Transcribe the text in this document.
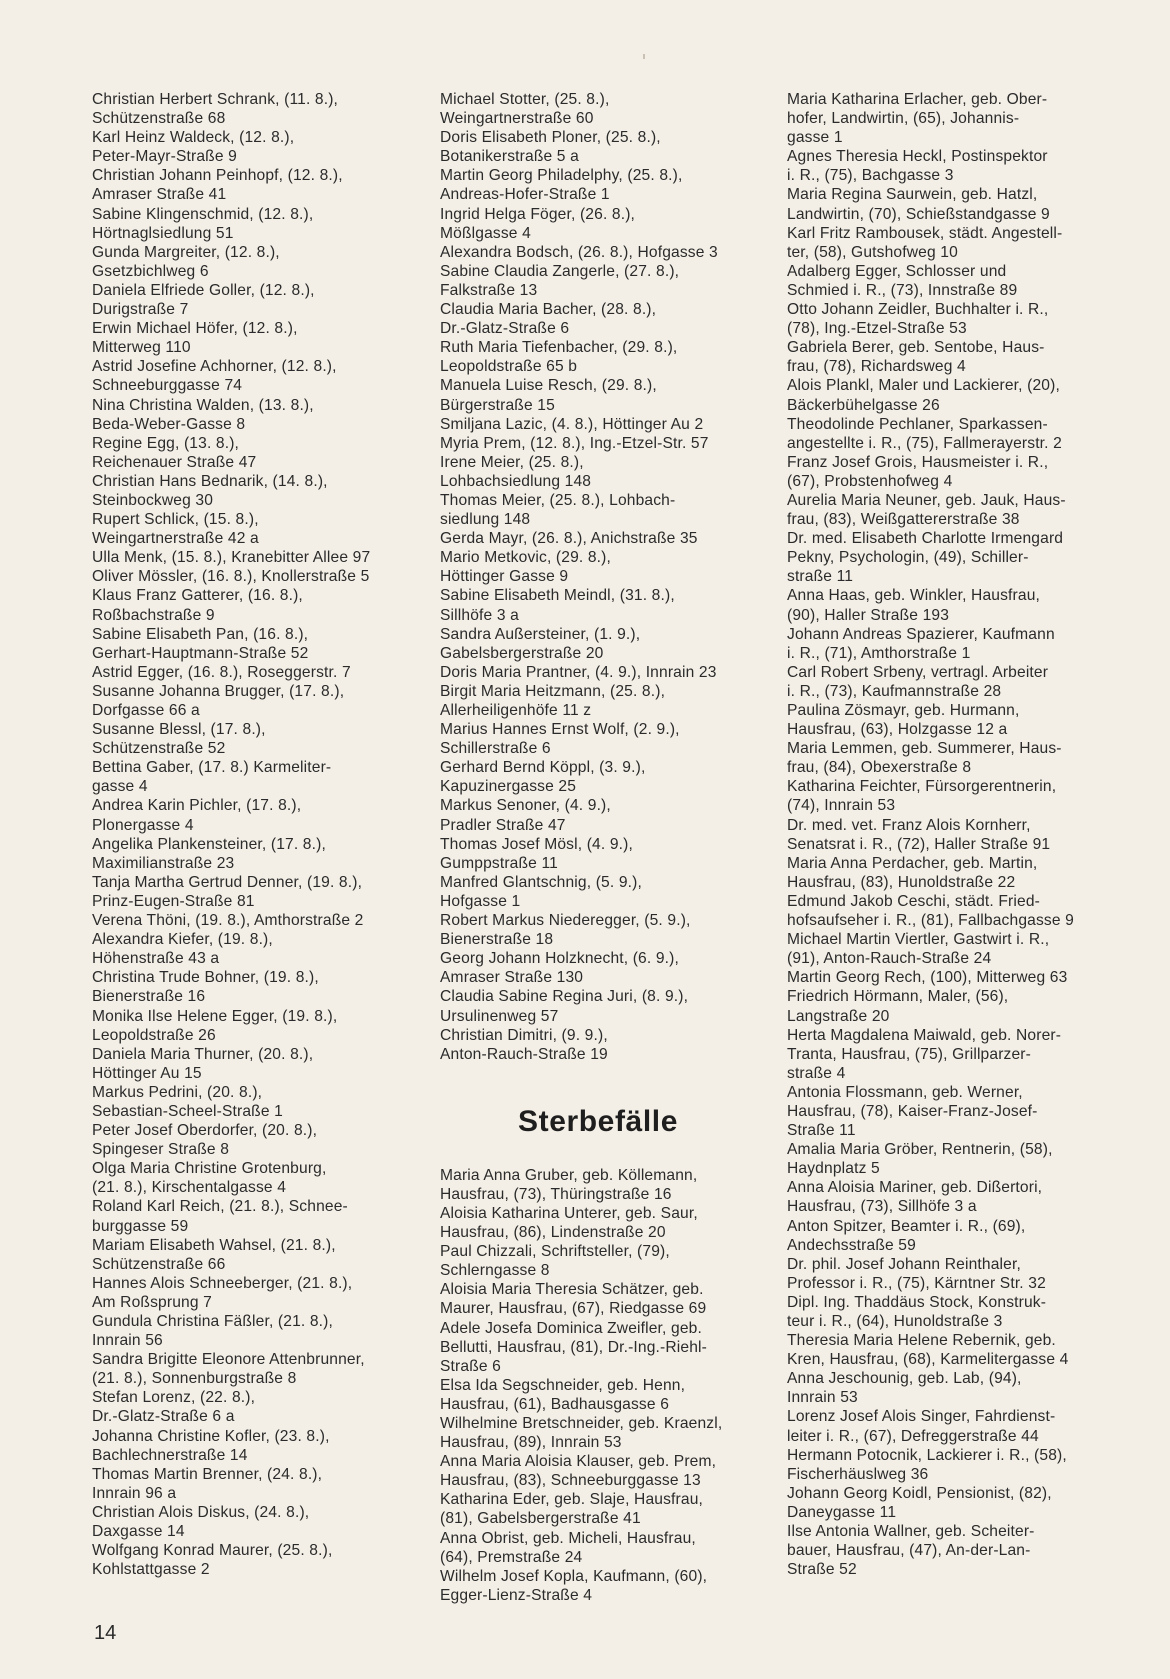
Christian Herbert Schrank, (11. 8.),
Schützenstraße 68
Karl Heinz Waldeck, (12. 8.),
Peter-Mayr-Straße 9
Christian Johann Peinhopf, (12. 8.),
Amraser Straße 41
Sabine Klingenschmid, (12. 8.),
Hörtnaglsiedlung 51
Gunda Margreiter, (12. 8.),
Gsetzbichlweg 6
Daniela Elfriede Goller, (12. 8.),
Durigstraße 7
Erwin Michael Höfer, (12. 8.),
Mitterweg 110
Astrid Josefine Achhorner, (12. 8.),
Schneeburggasse 74
Nina Christina Walden, (13. 8.),
Beda-Weber-Gasse 8
Regine Egg, (13. 8.),
Reichenauer Straße 47
Christian Hans Bednarik, (14. 8.),
Steinbockweg 30
Rupert Schlick, (15. 8.),
Weingartnerstraße 42 a
Ulla Menk, (15. 8.), Kranebitter Allee 97
Oliver Mössler, (16. 8.), Knollerstraße 5
Klaus Franz Gatterer, (16. 8.),
Roßbachstraße 9
Sabine Elisabeth Pan, (16. 8.),
Gerhart-Hauptmann-Straße 52
Astrid Egger, (16. 8.), Roseggerstr. 7
Susanne Johanna Brugger, (17. 8.),
Dorfgasse 66 a
Susanne Blessl, (17. 8.),
Schützenstraße 52
Bettina Gaber, (17. 8.) Karmeliter-
gasse 4
Andrea Karin Pichler, (17. 8.),
Plonergasse 4
Angelika Plankensteiner, (17. 8.),
Maximilianstraße 23
Tanja Martha Gertrud Denner, (19. 8.),
Prinz-Eugen-Straße 81
Verena Thöni, (19. 8.), Amthorstraße 2
Alexandra Kiefer, (19. 8.),
Höhenstraße 43 a
Christina Trude Bohner, (19. 8.),
Bienerstraße 16
Monika Ilse Helene Egger, (19. 8.),
Leopoldstraße 26
Daniela Maria Thurner, (20. 8.),
Höttinger Au 15
Markus Pedrini, (20. 8.),
Sebastian-Scheel-Straße 1
Peter Josef Oberdorfer, (20. 8.),
Spingeser Straße 8
Olga Maria Christine Grotenburg,
(21. 8.), Kirschentalgasse 4
Roland Karl Reich, (21. 8.), Schnee-
burggasse 59
Mariam Elisabeth Wahsel, (21. 8.),
Schützenstraße 66
Hannes Alois Schneeberger, (21. 8.),
Am Roßsprung 7
Gundula Christina Fäßler, (21. 8.),
Innrain 56
Sandra Brigitte Eleonore Attenbrunner,
(21. 8.), Sonnenburgstraße 8
Stefan Lorenz, (22. 8.),
Dr.-Glatz-Straße 6 a
Johanna Christine Kofler, (23. 8.),
Bachlechnerstraße 14
Thomas Martin Brenner, (24. 8.),
Innrain 96 a
Christian Alois Diskus, (24. 8.),
Daxgasse 14
Wolfgang Konrad Maurer, (25. 8.),
Kohlstattgasse 2
Michael Stotter, (25. 8.),
Weingartnerstraße 60
Doris Elisabeth Ploner, (25. 8.),
Botanikerstraße 5 a
Martin Georg Philadelphy, (25. 8.),
Andreas-Hofer-Straße 1
Ingrid Helga Föger, (26. 8.),
Mößlgasse 4
Alexandra Bodsch, (26. 8.), Hofgasse 3
Sabine Claudia Zangerle, (27. 8.),
Falkstraße 13
Claudia Maria Bacher, (28. 8.),
Dr.-Glatz-Straße 6
Ruth Maria Tiefenbacher, (29. 8.),
Leopoldstraße 65 b
Manuela Luise Resch, (29. 8.),
Bürgerstraße 15
Smiljana Lazic, (4. 8.), Höttinger Au 2
Myria Prem, (12. 8.), Ing.-Etzel-Str. 57
Irene Meier, (25. 8.),
Lohbachsiedlung 148
Thomas Meier, (25. 8.), Lohbach-
siedlung 148
Gerda Mayr, (26. 8.), Anichstraße 35
Mario Metkovic, (29. 8.),
Höttinger Gasse 9
Sabine Elisabeth Meindl, (31. 8.),
Sillhöfe 3 a
Sandra Außersteiner, (1. 9.),
Gabelsbergerstraße 20
Doris Maria Prantner, (4. 9.), Innrain 23
Birgit Maria Heitzmann, (25. 8.),
Allerheiligenhöfe 11 z
Marius Hannes Ernst Wolf, (2. 9.),
Schillerstraße 6
Gerhard Bernd Köppl, (3. 9.),
Kapuzinergasse 25
Markus Senoner, (4. 9.),
Pradler Straße 47
Thomas Josef Mösl, (4. 9.),
Gumppstraße 11
Manfred Glantschnig, (5. 9.),
Hofgasse 1
Robert Markus Niederegger, (5. 9.),
Bienerstraße 18
Georg Johann Holzknecht, (6. 9.),
Amraser Straße 130
Claudia Sabine Regina Juri, (8. 9.),
Ursulinenweg 57
Christian Dimitri, (9. 9.),
Anton-Rauch-Straße 19
Sterbefälle
Maria Anna Gruber, geb. Köllemann,
Hausfrau, (73), Thüringstraße 16
Aloisia Katharina Unterer, geb. Saur,
Hausfrau, (86), Lindenstraße 20
Paul Chizzali, Schriftsteller, (79),
Schlerngasse 8
Aloisia Maria Theresia Schätzer, geb.
Maurer, Hausfrau, (67), Riedgasse 69
Adele Josefa Dominica Zweifler, geb.
Bellutti, Hausfrau, (81), Dr.-Ing.-Riehl-
Straße 6
Elsa Ida Segschneider, geb. Henn,
Hausfrau, (61), Badhausgasse 6
Wilhelmine Bretschneider, geb. Kraenzl,
Hausfrau, (89), Innrain 53
Anna Maria Aloisia Klauser, geb. Prem,
Hausfrau, (83), Schneeburggasse 13
Katharina Eder, geb. Slaje, Hausfrau,
(81), Gabelsbergerstraße 41
Anna Obrist, geb. Micheli, Hausfrau,
(64), Premstraße 24
Wilhelm Josef Kopla, Kaufmann, (60),
Egger-Lienz-Straße 4
Maria Katharina Erlacher, geb. Ober-
hofer, Landwirtin, (65), Johannis-
gasse 1
Agnes Theresia Heckl, Postinspektor
i. R., (75), Bachgasse 3
Maria Regina Saurwein, geb. Hatzl,
Landwirtin, (70), Schießstandgasse 9
Karl Fritz Rambousek, städt. Angestell-
ter, (58), Gutshofweg 10
Adalberg Egger, Schlosser und
Schmied i. R., (73), Innstraße 89
Otto Johann Zeidler, Buchhalter i. R.,
(78), Ing.-Etzel-Straße 53
Gabriela Berer, geb. Sentobe, Haus-
frau, (78), Richardsweg 4
Alois Plankl, Maler und Lackierer, (20),
Bäckerbühelgasse 26
Theodolinde Pechlaner, Sparkassen-
angestellte i. R., (75), Fallmerayerstr. 2
Franz Josef Grois, Hausmeister i. R.,
(67), Probstenhofweg 4
Aurelia Maria Neuner, geb. Jauk, Haus-
frau, (83), Weißgattererstraße 38
Dr. med. Elisabeth Charlotte Irmengard
Pekny, Psychologin, (49), Schiller-
straße 11
Anna Haas, geb. Winkler, Hausfrau,
(90), Haller Straße 193
Johann Andreas Spazierer, Kaufmann
i. R., (71), Amthorstraße 1
Carl Robert Srbeny, vertragl. Arbeiter
i. R., (73), Kaufmannstraße 28
Paulina Zösmayr, geb. Hurmann,
Hausfrau, (63), Holzgasse 12 a
Maria Lemmen, geb. Summerer, Haus-
frau, (84), Obexerstraße 8
Katharina Feichter, Fürsorgerentnerin,
(74), Innrain 53
Dr. med. vet. Franz Alois Kornherr,
Senatsrat i. R., (72), Haller Straße 91
Maria Anna Perdacher, geb. Martin,
Hausfrau, (83), Hunoldstraße 22
Edmund Jakob Ceschi, städt. Fried-
hofsaufseher i. R., (81), Fallbachgasse 9
Michael Martin Viertler, Gastwirt i. R.,
(91), Anton-Rauch-Straße 24
Martin Georg Rech, (100), Mitterweg 63
Friedrich Hörmann, Maler, (56),
Langstraße 20
Herta Magdalena Maiwald, geb. Norer-
Tranta, Hausfrau, (75), Grillparzer-
straße 4
Antonia Flossmann, geb. Werner,
Hausfrau, (78), Kaiser-Franz-Josef-
Straße 11
Amalia Maria Gröber, Rentnerin, (58),
Haydnplatz 5
Anna Aloisia Mariner, geb. Dißertori,
Hausfrau, (73), Sillhöfe 3 a
Anton Spitzer, Beamter i. R., (69),
Andechsstraße 59
Dr. phil. Josef Johann Reinthaler,
Professor i. R., (75), Kärntner Str. 32
Dipl. Ing. Thaddäus Stock, Konstruk-
teur i. R., (64), Hunoldstraße 3
Theresia Maria Helene Rebernik, geb.
Kren, Hausfrau, (68), Karmelitergasse 4
Anna Jeschounig, geb. Lab, (94),
Innrain 53
Lorenz Josef Alois Singer, Fahrdienst-
leiter i. R., (67), Defreggerstraße 44
Hermann Potocnik, Lackierer i. R., (58),
Fischerhäuslweg 36
Johann Georg Koidl, Pensionist, (82),
Daneygasse 11
Ilse Antonia Wallner, geb. Scheiter-
bauer, Hausfrau, (47), An-der-Lan-
Straße 52
14
